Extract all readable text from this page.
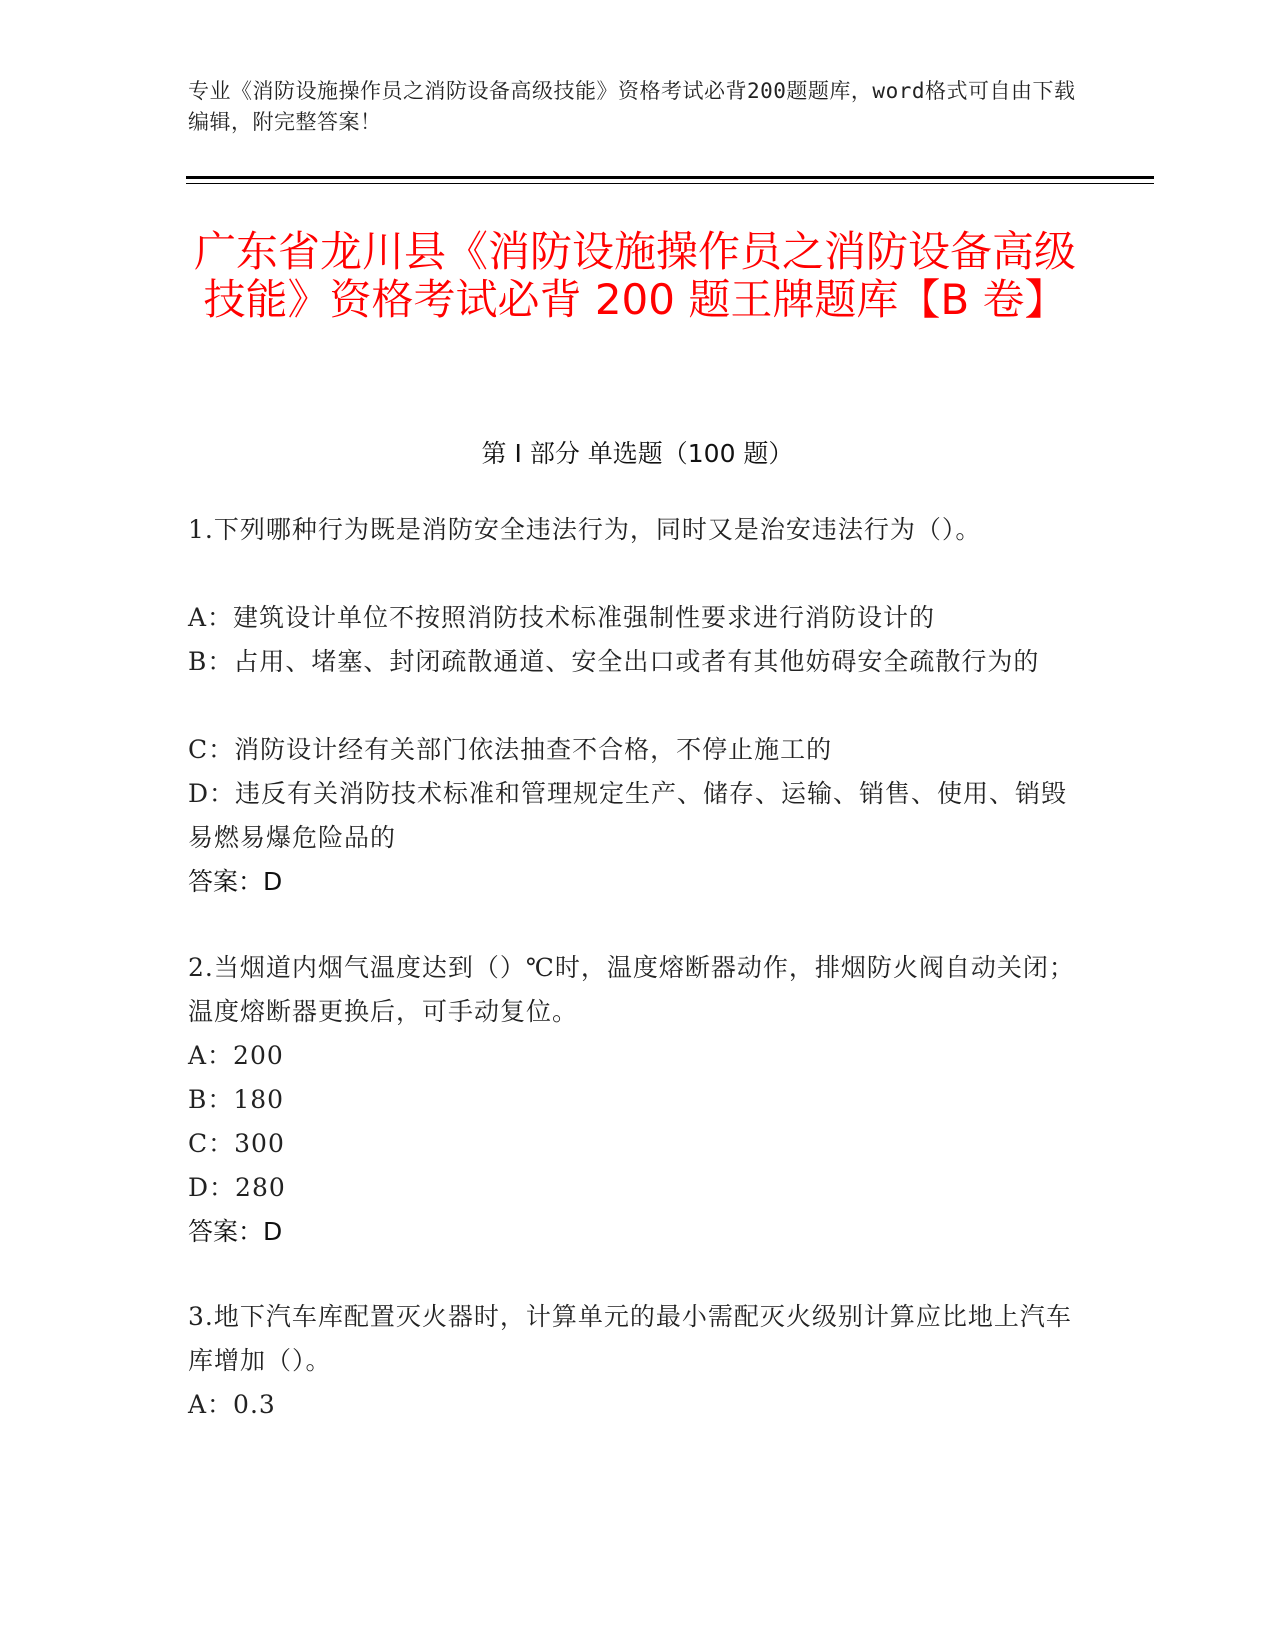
专业《消防设施操作员之消防设备高级技能》资格考试必背200题题库，word格式可自由下载编辑，附完整答案！
广东省龙川县《消防设施操作员之消防设备高级技能》资格考试必背 200 题王牌题库【B 卷】
第 I 部分 单选题（100 题）
1.下列哪种行为既是消防安全违法行为，同时又是治安违法行为（）。
A：建筑设计单位不按照消防技术标准强制性要求进行消防设计的
B：占用、堵塞、封闭疏散通道、安全出口或者有其他妨碍安全疏散行为的
C：消防设计经有关部门依法抽查不合格，不停止施工的
D：违反有关消防技术标准和管理规定生产、储存、运输、销售、使用、销毁易燃易爆危险品的
答案：D
2.当烟道内烟气温度达到（）℃时，温度熔断器动作，排烟防火阀自动关闭；温度熔断器更换后，可手动复位。
A：200
B：180
C：300
D：280
答案：D
3.地下汽车库配置灭火器时，计算单元的最小需配灭火级别计算应比地上汽车库增加（）。
A：0.3
